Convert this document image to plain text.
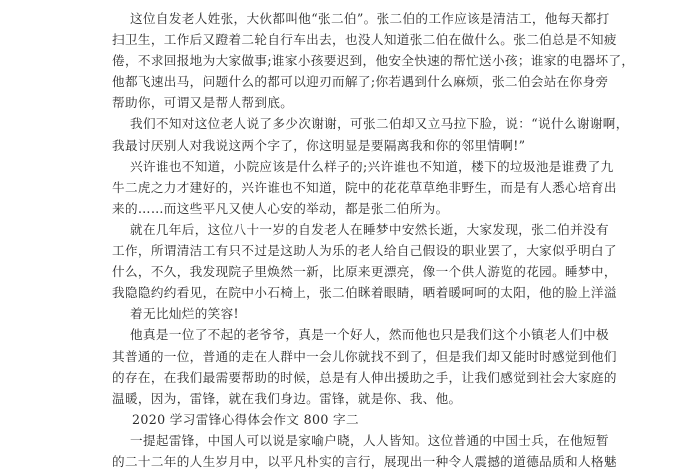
这位自发老人姓张，大伙都叫他“张二伯”。张二伯的工作应该是清洁工，他每天都打
扫卫生，工作后又蹬着二轮自行车出去，也没人知道张二伯在做什么。张二伯总是不知疲
倦，不求回报地为大家做事;谁家小孩要迟到，他安全快速的帮忙送小孩；谁家的电器坏了，
他都飞速出马，问题什么的都可以迎刃而解了;你若遇到什么麻烦，张二伯会站在你身旁
帮助你，可谓又是帮人帮到底。
我们不知对这位老人说了多少次谢谢，可张二伯却又立马拉下脸，说：“说什么谢谢啊，
我最讨厌别人对我说这两个字了，你这明显是要隔离我和你的邻里情啊!”
兴许谁也不知道，小院应该是什么样子的;兴许谁也不知道，楼下的垃圾池是谁费了九
牛二虎之力才建好的，兴许谁也不知道，院中的花花草草绝非野生，而是有人悉心培育出
来的……而这些平凡又使人心安的举动，都是张二伯所为。
就在几年后，这位八十一岁的自发老人在睡梦中安然长逝，大家发现，张二伯并没有
工作，所谓清洁工有只不过是这助人为乐的老人给自己假设的职业罢了，大家似乎明白了
什么，不久，我发现院子里焕然一新，比原来更漂亮，像一个供人游览的花园。睡梦中，
我隐隐约约看见，在院中小石椅上，张二伯眯着眼睛，晒着暖呵呵的太阳，他的脸上洋溢
着无比灿烂的笑容!
他真是一位了不起的老爷爷，真是一个好人，然而他也只是我们这个小镇老人们中极
其普通的一位，普通的走在人群中一会儿你就找不到了，但是我们却又能时时感觉到他们
的存在，在我们最需要帮助的时候，总是有人伸出援助之手，让我们感觉到社会大家庭的
温暖，因为，雷锋，就在我们身边。雷锋，就是你、我、他。
2020 学习雷锋心得体会作文 800 字二
一提起雷锋，中国人可以说是家喻户晓，人人皆知。这位普通的中国士兵，在他短暂
的二十二年的人生岁月中，以平凡朴实的言行，展现出一种令人震撼的道德品质和人格魅
